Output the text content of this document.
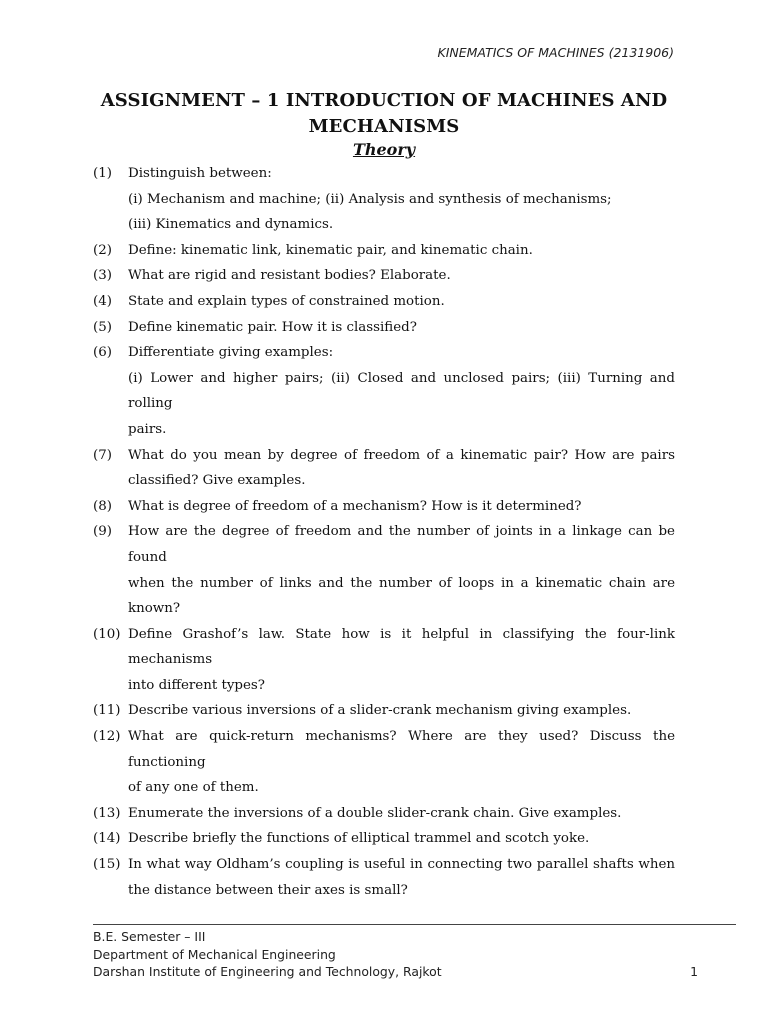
KINEMATICS OF MACHINES (2131906)
ASSIGNMENT – 1 INTRODUCTION OF MACHINES AND MECHANISMS
Theory
(1)	Distinguish between:
(i) Mechanism and machine; (ii) Analysis and synthesis of mechanisms;
(iii) Kinematics and dynamics.
(2)	Define: kinematic link, kinematic pair, and kinematic chain.
(3)	What are rigid and resistant bodies? Elaborate.
(4)	State and explain types of constrained motion.
(5)	Define kinematic pair. How it is classified?
(6)	Differentiate giving examples:
(i) Lower and higher pairs; (ii) Closed and unclosed pairs; (iii) Turning and rolling
pairs.
(7)	What do you mean by degree of freedom of a kinematic pair? How are pairs
classified? Give examples.
(8)	What is degree of freedom of a mechanism? How is it determined?
(9)	How are the degree of freedom and the number of joints in a linkage can be found
when the number of links and the number of loops in a kinematic chain are
known?
(10) Define Grashof’s law. State how is it helpful in classifying the four-link mechanisms
into different types?
(11) Describe various inversions of a slider-crank mechanism giving examples.
(12) What are quick-return mechanisms? Where are they used? Discuss the functioning
of any one of them.
(13) Enumerate the inversions of a double slider-crank chain. Give examples.
(14) Describe briefly the functions of elliptical trammel and scotch yoke.
(15) In what way Oldham’s coupling is useful in connecting two parallel shafts when
the distance between their axes is small?
B.E. Semester – III
Department of Mechanical Engineering
Darshan Institute of Engineering and Technology, Rajkot	1
